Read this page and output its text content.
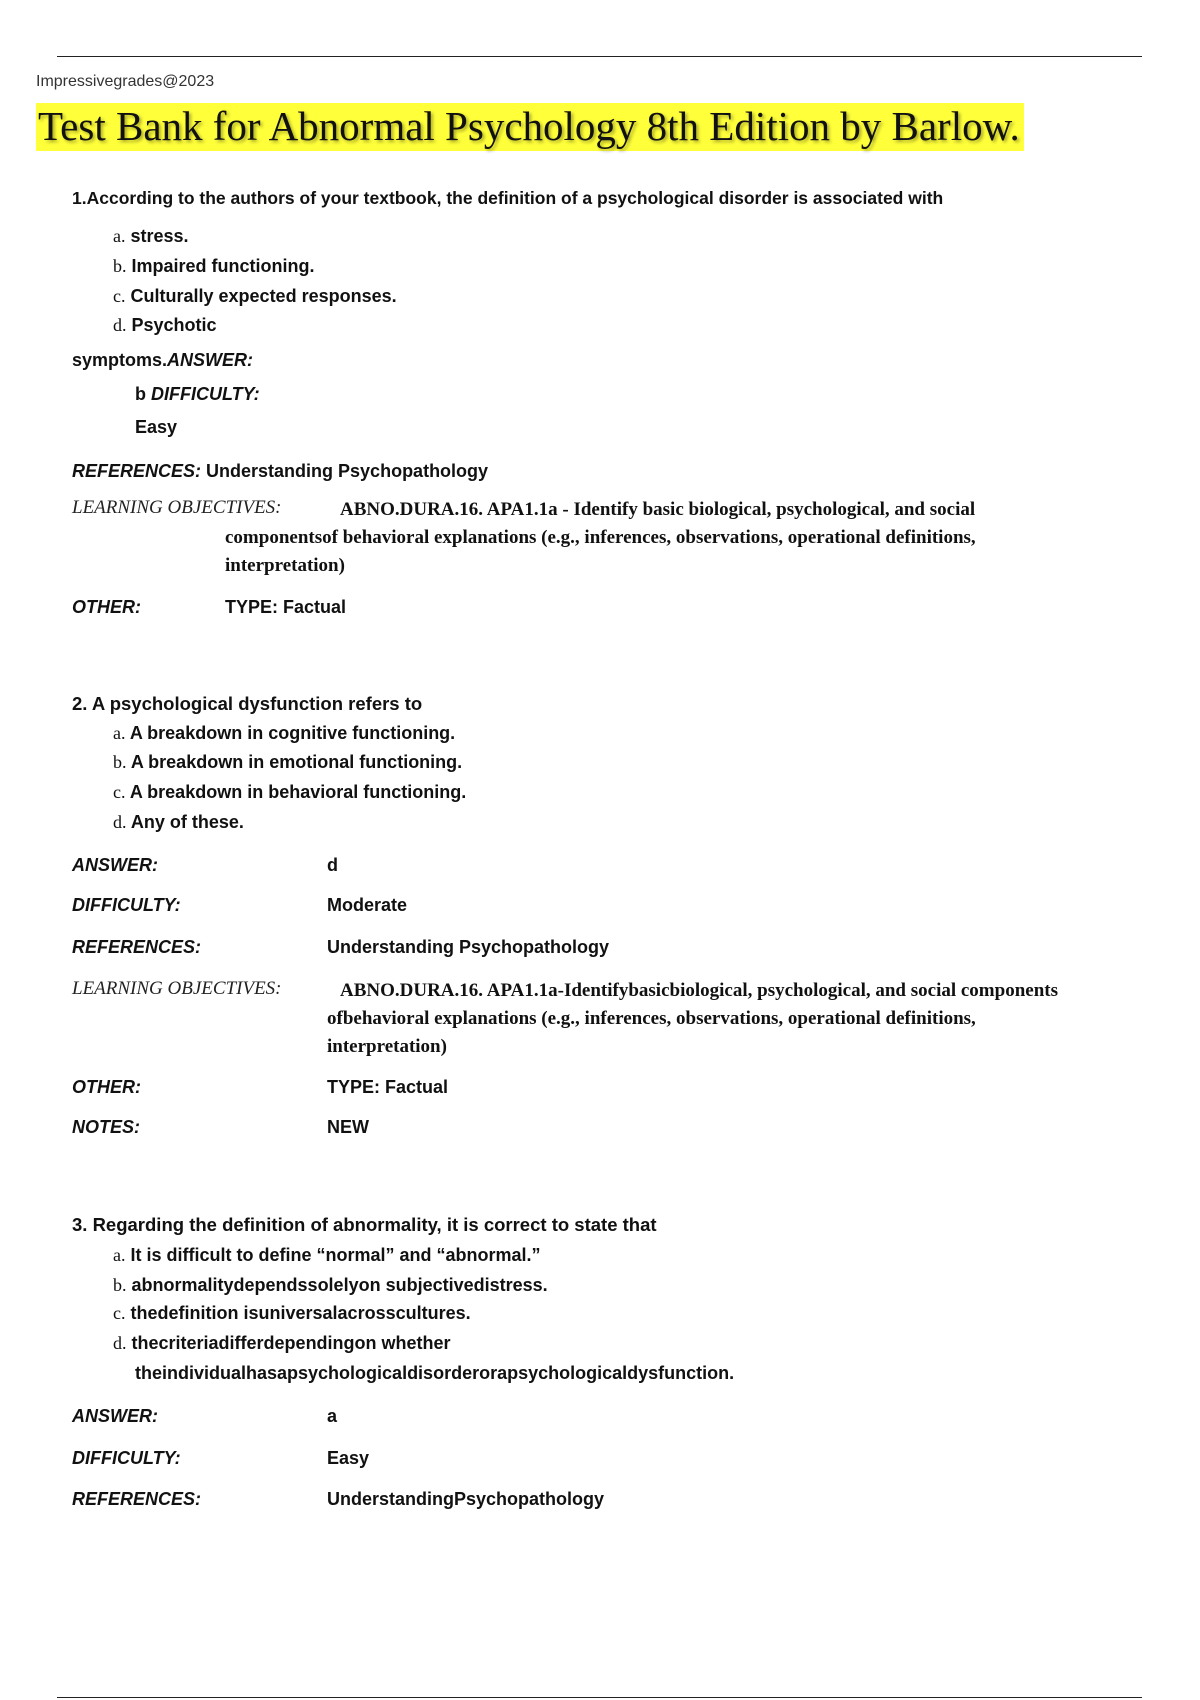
Impressivegrades@2023
Test Bank for Abnormal Psychology 8th Edition by Barlow.
1.According to the authors of your textbook, the definition of a psychological disorder is associated with
a. stress.
b. Impaired functioning.
c. Culturally expected responses.
d. Psychotic
symptoms.ANSWER:
b DIFFICULTY:
Easy
REFERENCES: Understanding Psychopathology
LEARNING OBJECTIVES:	ABNO.DURA.16. APA1.1a - Identify basic biological, psychological, and social
componentsof behavioral explanations (e.g., inferences, observations, operational definitions,
interpretation)
OTHER:	TYPE: Factual
2. A psychological dysfunction refers to
a. A breakdown in cognitive functioning.
b. A breakdown in emotional functioning.
c. A breakdown in behavioral functioning.
d. Any of these.
ANSWER:	d
DIFFICULTY:	Moderate
REFERENCES:	Understanding Psychopathology
LEARNING OBJECTIVES:	ABNO.DURA.16. APA1.1a-Identifybasicbiological, psychological, and social components
ofbehavioral explanations (e.g., inferences, observations, operational definitions,
interpretation)
OTHER:	TYPE: Factual
NOTES:	NEW
3. Regarding the definition of abnormality, it is correct to state that
a. It is difficult to define “normal” and “abnormal.”
b. abnormalitydependssolelyon subjectivedistress.
c. thedefinition isuniversalacrosscultures.
d. thecriteriadifferdependingon whether
theindividualhasapsychologicaldisorderorapsychologicaldysfunction.
ANSWER:	a
DIFFICULTY:	Easy
REFERENCES:	UnderstandingPsychopathology
